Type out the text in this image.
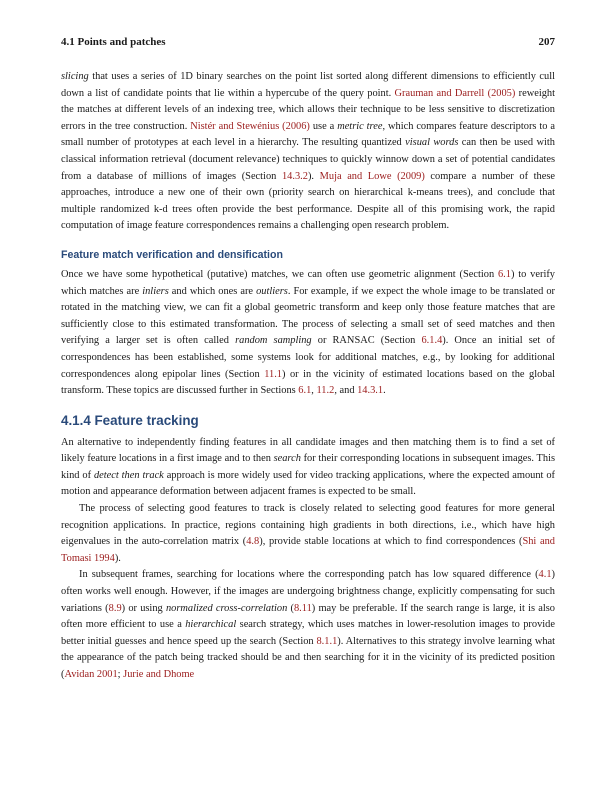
4.1 Points and patches	207

slicing that uses a series of 1D binary searches on the point list sorted along different dimensions to efficiently cull down a list of candidate points that lie within a hypercube of the query point. Grauman and Darrell (2005) reweight the matches at different levels of an indexing tree, which allows their technique to be less sensitive to discretization errors in the tree construction. Nistér and Stewénius (2006) use a metric tree, which compares feature descriptors to a small number of prototypes at each level in a hierarchy. The resulting quantized visual words can then be used with classical information retrieval (document relevance) techniques to quickly winnow down a set of potential candidates from a database of millions of images (Section 14.3.2). Muja and Lowe (2009) compare a number of these approaches, introduce a new one of their own (priority search on hierarchical k-means trees), and conclude that multiple randomized k-d trees often provide the best performance. Despite all of this promising work, the rapid computation of image feature correspondences remains a challenging open research problem.

Feature match verification and densification

Once we have some hypothetical (putative) matches, we can often use geometric alignment (Section 6.1) to verify which matches are inliers and which ones are outliers. For example, if we expect the whole image to be translated or rotated in the matching view, we can fit a global geometric transform and keep only those feature matches that are sufficiently close to this estimated transformation. The process of selecting a small set of seed matches and then verifying a larger set is often called random sampling or RANSAC (Section 6.1.4). Once an initial set of correspondences has been established, some systems look for additional matches, e.g., by looking for additional correspondences along epipolar lines (Section 11.1) or in the vicinity of estimated locations based on the global transform. These topics are discussed further in Sections 6.1, 11.2, and 14.3.1.

4.1.4 Feature tracking

An alternative to independently finding features in all candidate images and then matching them is to find a set of likely feature locations in a first image and to then search for their corresponding locations in subsequent images. This kind of detect then track approach is more widely used for video tracking applications, where the expected amount of motion and appearance deformation between adjacent frames is expected to be small.

The process of selecting good features to track is closely related to selecting good features for more general recognition applications. In practice, regions containing high gradients in both directions, i.e., which have high eigenvalues in the auto-correlation matrix (4.8), provide stable locations at which to find correspondences (Shi and Tomasi 1994).

In subsequent frames, searching for locations where the corresponding patch has low squared difference (4.1) often works well enough. However, if the images are undergoing brightness change, explicitly compensating for such variations (8.9) or using normalized cross-correlation (8.11) may be preferable. If the search range is large, it is also often more efficient to use a hierarchical search strategy, which uses matches in lower-resolution images to provide better initial guesses and hence speed up the search (Section 8.1.1). Alternatives to this strategy involve learning what the appearance of the patch being tracked should be and then searching for it in the vicinity of its predicted position (Avidan 2001; Jurie and Dhome
